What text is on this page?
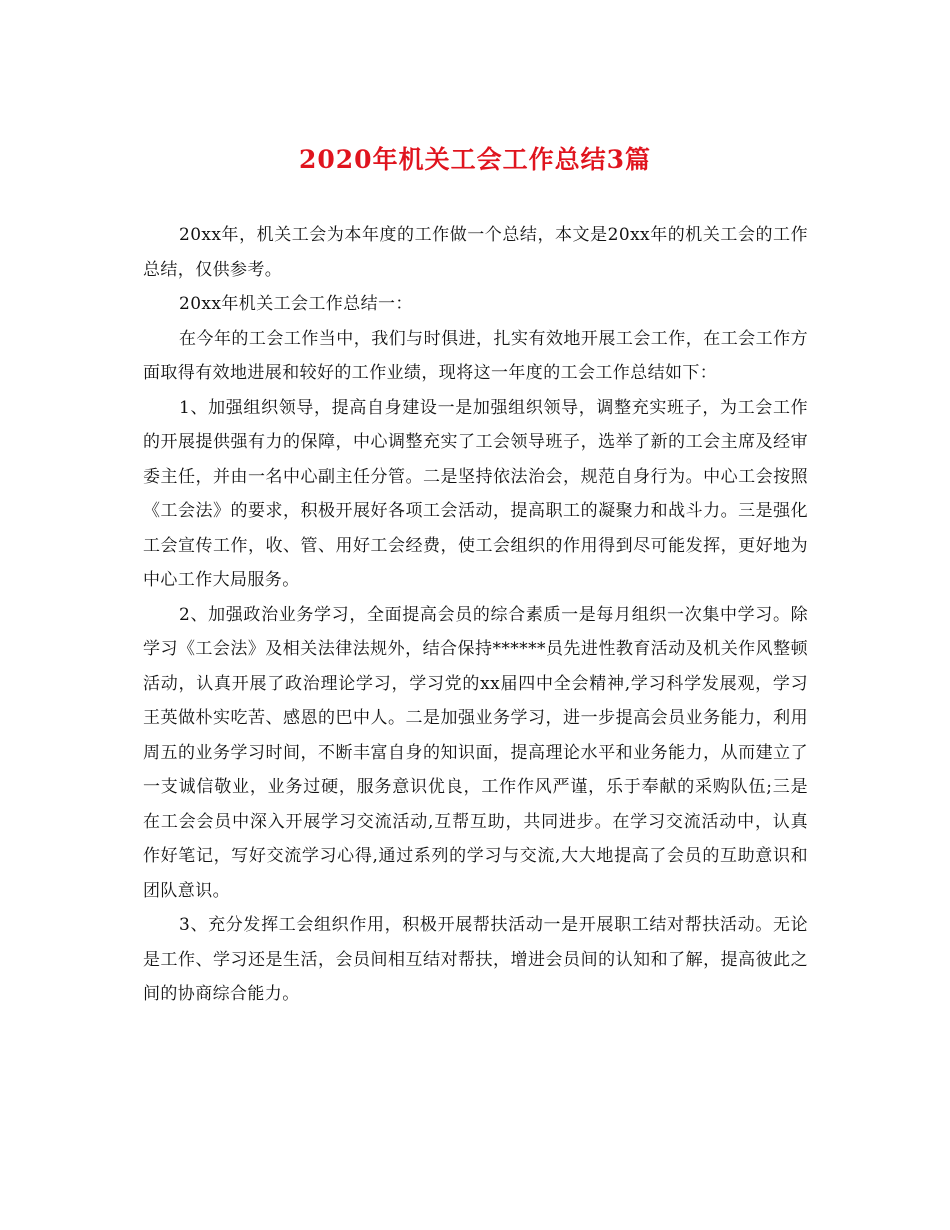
2020年机关工会工作总结3篇

20xx年，机关工会为本年度的工作做一个总结，本文是20xx年的机关工会的工作总结，仅供参考。

20xx年机关工会工作总结一：

在今年的工会工作当中，我们与时俱进，扎实有效地开展工会工作，在工会工作方面取得有效地进展和较好的工作业绩，现将这一年度的工会工作总结如下：

1、加强组织领导，提高自身建设一是加强组织领导，调整充实班子，为工会工作的开展提供强有力的保障，中心调整充实了工会领导班子，选举了新的工会主席及经审委主任，并由一名中心副主任分管。二是坚持依法治会，规范自身行为。中心工会按照《工会法》的要求，积极开展好各项工会活动，提高职工的凝聚力和战斗力。三是强化工会宣传工作，收、管、用好工会经费，使工会组织的作用得到尽可能发挥，更好地为中心工作大局服务。

2、加强政治业务学习，全面提高会员的综合素质一是每月组织一次集中学习。除学习《工会法》及相关法律法规外，结合保持******员先进性教育活动及机关作风整顿活动，认真开展了政治理论学习，学习党的xx届四中全会精神,学习科学发展观，学习王英做朴实吃苦、感恩的巴中人。二是加强业务学习，进一步提高会员业务能力，利用周五的业务学习时间，不断丰富自身的知识面，提高理论水平和业务能力，从而建立了一支诚信敬业，业务过硬，服务意识优良，工作作风严谨，乐于奉献的采购队伍;三是在工会会员中深入开展学习交流活动,互帮互助，共同进步。在学习交流活动中，认真作好笔记，写好交流学习心得,通过系列的学习与交流,大大地提高了会员的互助意识和团队意识。

3、充分发挥工会组织作用，积极开展帮扶活动一是开展职工结对帮扶活动。无论是工作、学习还是生活，会员间相互结对帮扶，增进会员间的认知和了解，提高彼此之间的协商综合能力。
